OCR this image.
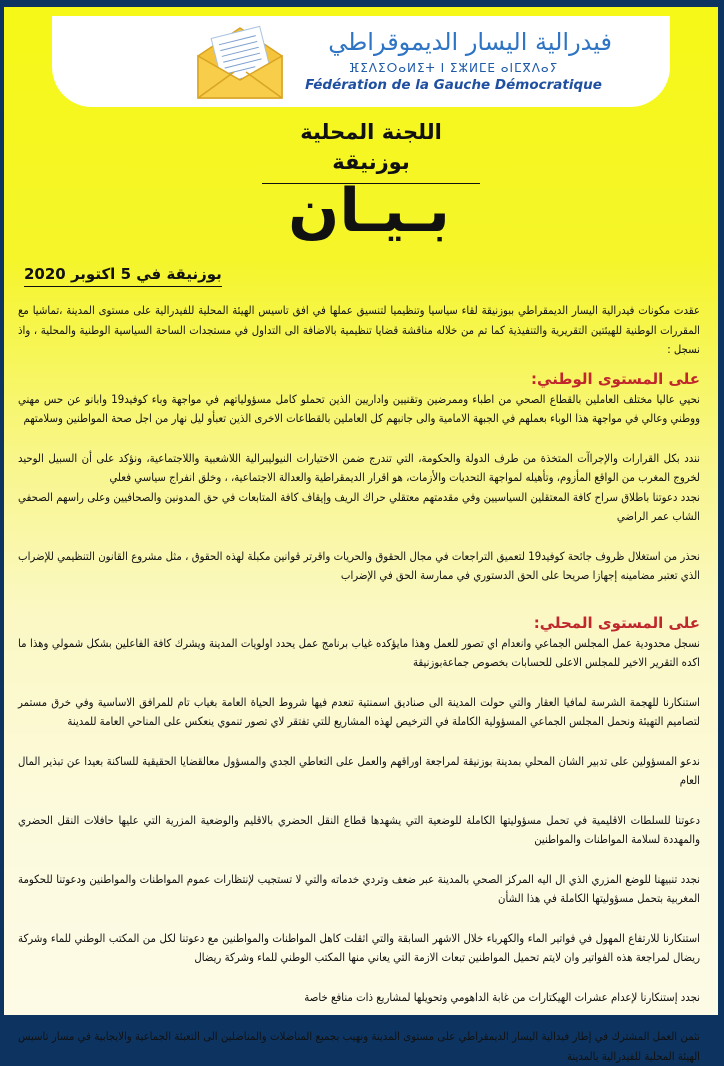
فيدرالية اليسار الديموقراطي
ⴼⵉⴷⵉⵔⴰⵍⵉⵜ ⵏ ⵉⵣⵍⵎⴹ ⴰⵏⵎⴳⴷⴰⵢ
Fédération de la Gauche Démocratique
اللجنة المحلية بوزنيقة
بـيـان
بوزنيقة في 5 اكتوبر 2020

عقدت مكونات فيدرالية اليسار الديمقراطي ببوزنيقة لقاء سياسيا وتنظيميا لتنسيق عملها في افق تاسيس الهيئة المحلية للفيدرالية على مستوى المدينة ،تماشيا مع المقررات الوطنية للهيئتين التقريرية والتنفيذية كما تم من خلاله مناقشة قضايا تنظيمية بالاضافة الى التداول في مستجدات الساحة السياسية الوطنية والمحلية ، واذ نسجل :

على المستوى الوطني:

نحيي عاليا مختلف العاملين بالقطاع الصحي من اطباء وممرضين وتقنيين واداريين الذين تحملو كامل مسؤولياتهم في مواجهة وباء كوفيد19 وابانو عن حس مهني ووطني وعالي في مواجهة هذا الوباء بعملهم في الجبهة الامامية والى جانبهم كل العاملين بالقطاعات الاخرى الذين تعبأو ليل نهار من اجل صحة المواطنين وسلامتهم

نندد بكل القرارات والإجراآت المتخذة من طرف الدولة والحكومة، التي تندرج ضمن الاختيارات النيوليبرالية اللاشعبية واللاجتماعية، ونؤكد على أن السبيل الوحيد لخروج المغرب من الواقع المأزوم، وتأهيله لمواجهة التحديات والأزمات، هو اقرار الديمقراطية والعدالة الاجتماعية، ، وخلق انفراج سياسي فعلي

نجدد دعوتنا باطلاق سراح كافة المعتقلين السياسيين وفي مقدمتهم معتقلي حراك الريف وإيقاف كافة المتابعات في حق المدونين والصحافيين وعلى راسهم الصحفي الشاب عمر الراضي

نحذر من استغلال ظروف جائحة كوفيد19 لتعميق التراجعات في مجال الحقوق والحريات واقرتر قوانين مكبلة لهذه الحقوق ، مثل مشروع القانون التنظيمي للإضراب الذي تعتبر مضامينه إجهازا صريحا على الحق الدستوري في ممارسة الحق في الإضراب

على المستوى المحلي:

نسجل محدودية عمل المجلس الجماعي وانعدام اي تصور للعمل وهذا مايؤكده غياب برنامج عمل يحدد اولويات المدينة ويشرك كافة الفاعلين بشكل شمولي وهذا ما اكده التقرير الاخير للمجلس الاعلى للحسابات بخصوص جماعةبوزنيقة

استنكارنا للهجمة الشرسة لمافيا العقار والتي حولت المدينة الى صناديق اسمنتية تنعدم فيها شروط الحياة العامة بغياب تام للمرافق الاساسية وفي خرق مستمر لتصاميم التهيئة ونحمل المجلس الجماعي المسؤولية الكاملة في الترخيص لهذه المشاريع للتي تفتقر لاي تصور تنموي ينعكس على المناحي العامة للمدينة

ندعو المسؤولين على تدبير الشان المحلي بمدينة بوزنيقة لمراجعة اوراقهم والعمل على التعاطي الجدي والمسؤول معالقضايا الحقيقية للساكنة بعيدا عن تبذير المال العام

دعوتنا للسلطات الاقليمية في تحمل مسؤوليتها الكاملة للوضعية التي يشهدها قطاع النقل الحضري بالاقليم والوضعية المزرية التي عليها حافلات النقل الحضري والمهددة لسلامة المواطنات والمواطنين

نجدد تنبيهنا للوضع المزري الذي ال اليه المركز الصحي بالمدينة عبر ضعف وتردي خدماته والتي لا تستجيب لإنتظارات عموم المواطنات والمواطنين ودعوتنا للحكومة المغربية بتحمل مسؤوليتها الكاملة في هذا الشأن

استنكارنا للارتفاع المهول في فواتير الماء والكهرباء خلال الاشهر السابقة والتي اثقلت كاهل المواطنات والمواطنين مع دعوتنا لكل من المكتب الوطني للماء وشركة ريضال لمراجعة هذه الفواتير وان لايتم تحميل المواطنين تبعات الازمة التي يعاني منها المكتب الوطني للماء وشركة ريضال

نجدد إستنكارنا لإعدام عشرات الهيكتارات من غابة الداهومي وتحويلها لمشاريع ذات منافع خاصة

نثمن العمل المشترك في إطار فيدالية اليسار الديمقراطي على مستوى المدينة ونهيب بجميع المناضلات والمناضلين الى التعبئة الجماعية والايجابية في مسار تاسيس الهيئة المحلية للفيدرالية بالمدينة
